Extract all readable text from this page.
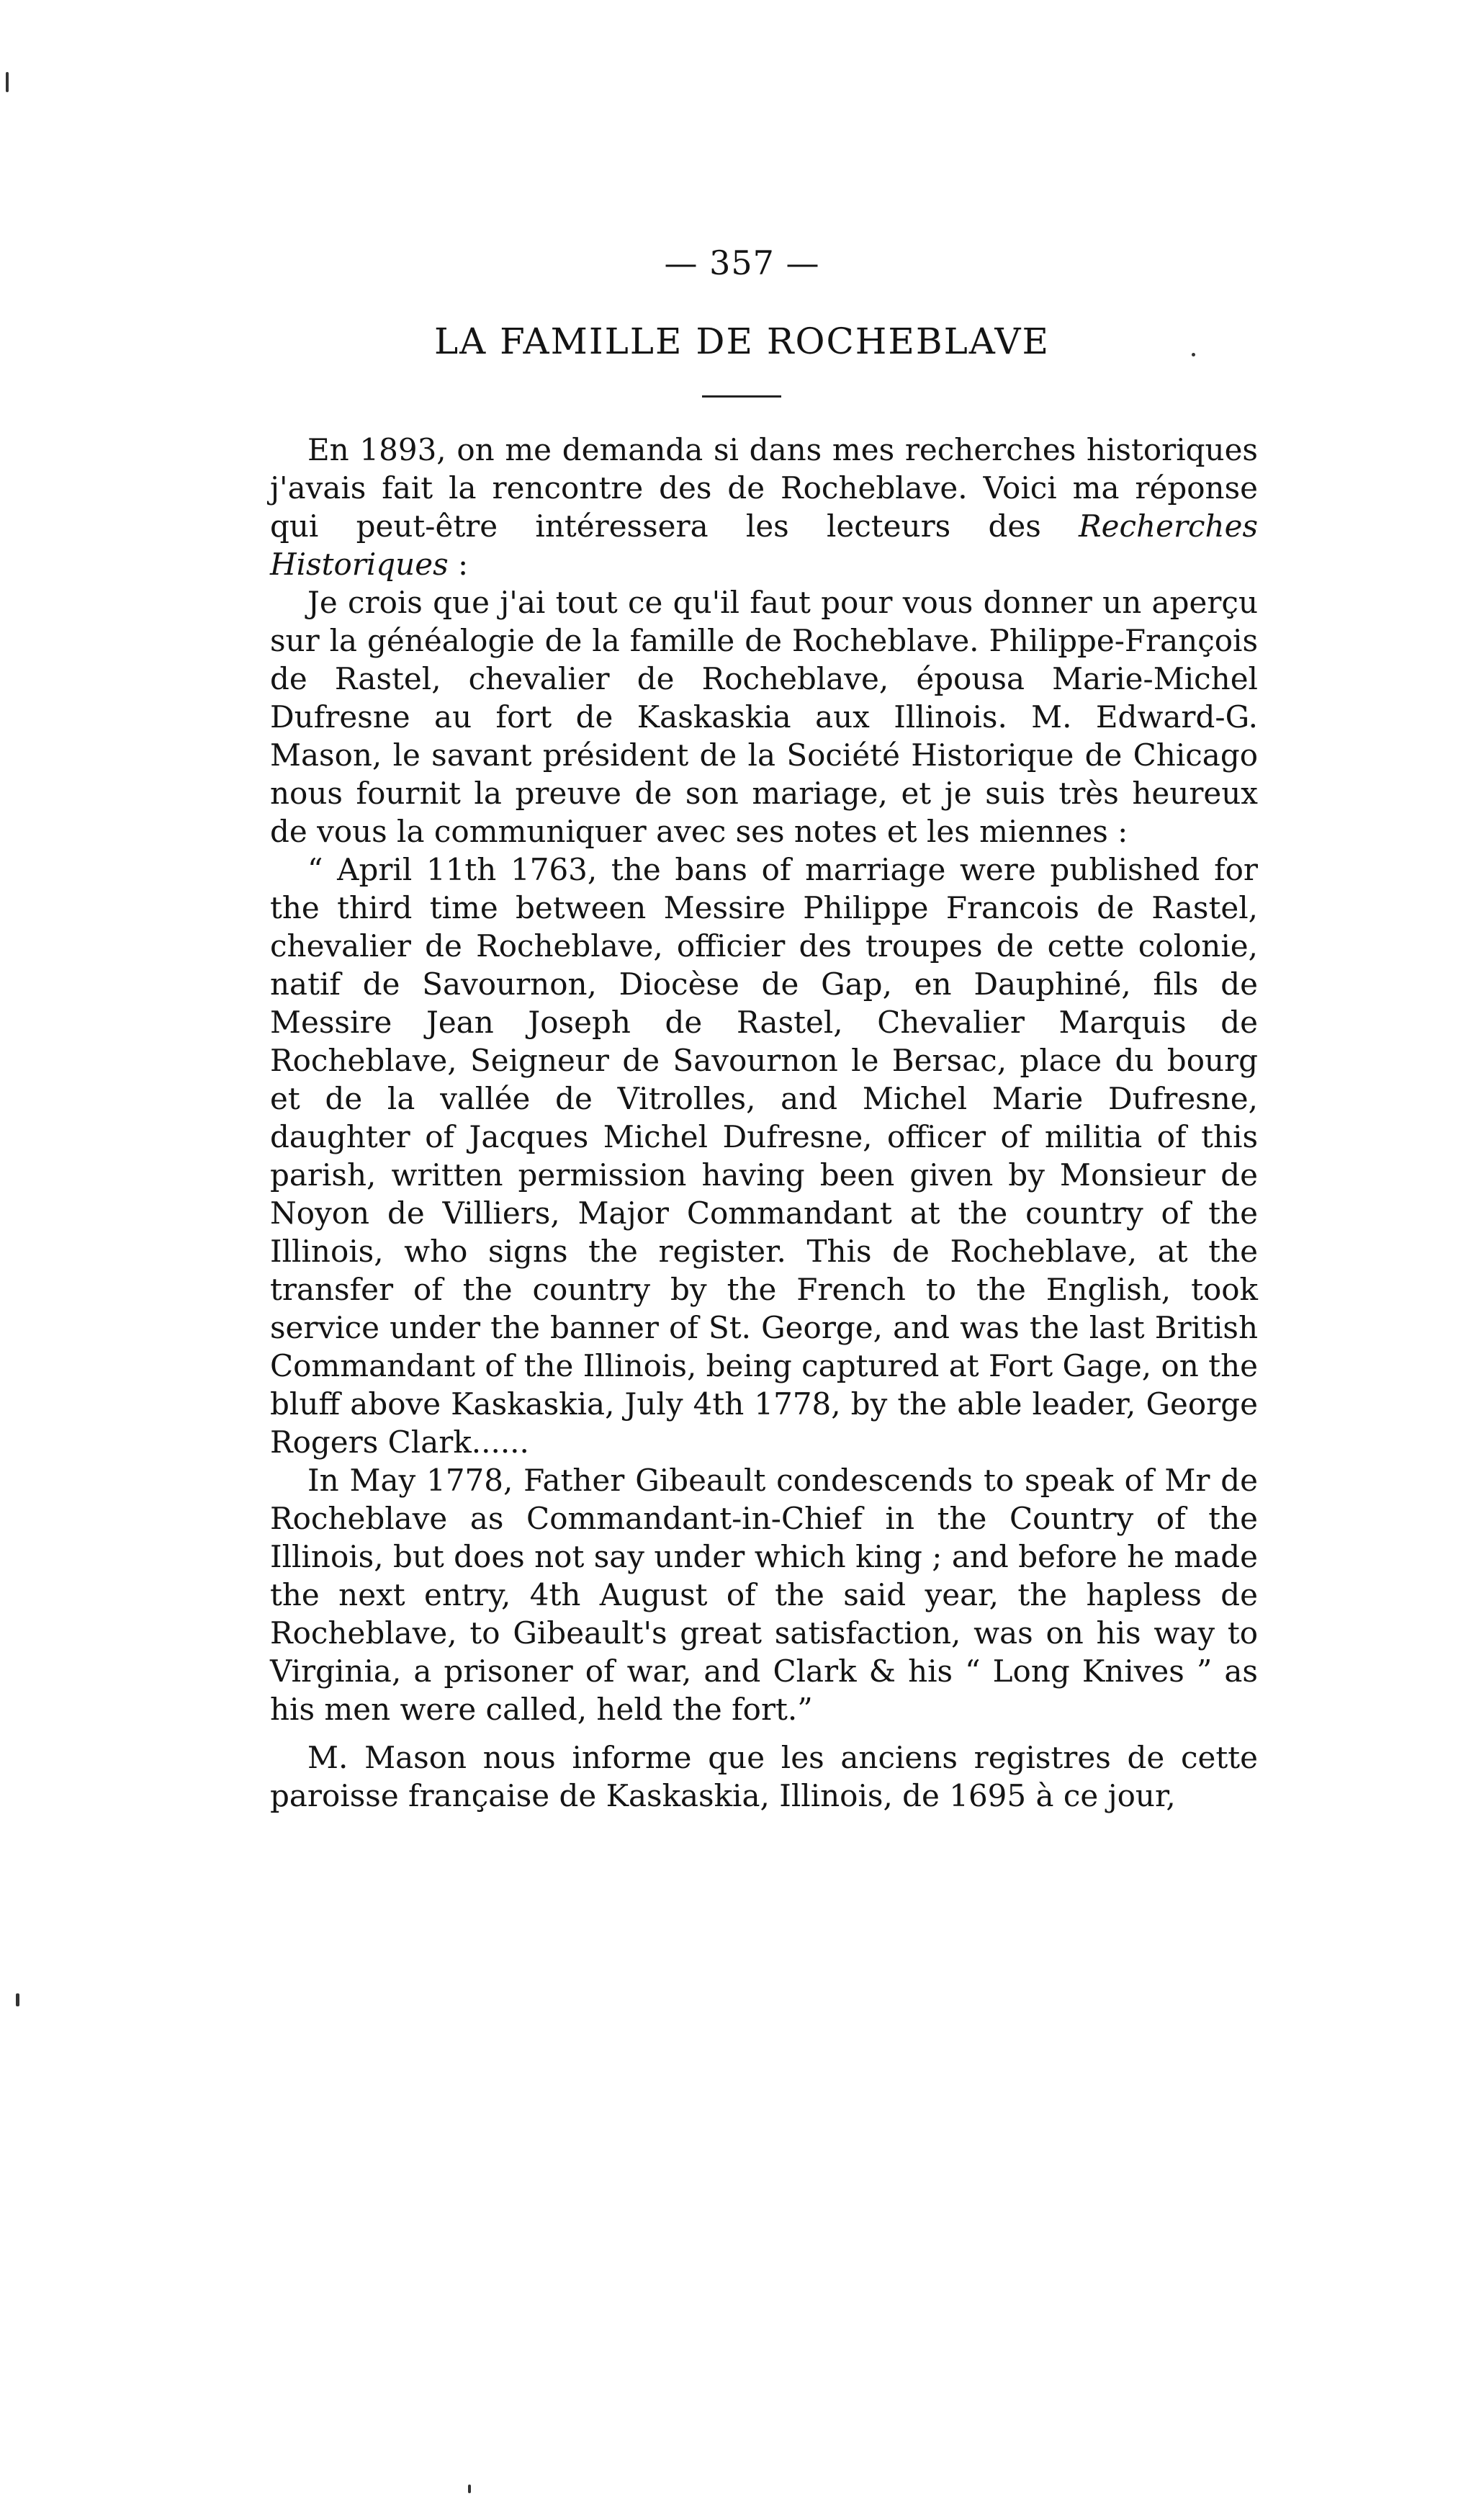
— 357 —
LA FAMILLE DE ROCHEBLAVE

En 1893, on me demanda si dans mes recherches historiques j'avais fait la rencontre des de Rocheblave. Voici ma réponse qui peut-être intéressera les lecteurs des Recherches Historiques :

Je crois que j'ai tout ce qu'il faut pour vous donner un aperçu sur la généalogie de la famille de Rocheblave. Philippe-François de Rastel, chevalier de Rocheblave, épousa Marie-Michel Dufresne au fort de Kaskaskia aux Illinois. M. Edward-G. Mason, le savant président de la Société Historique de Chicago nous fournit la preuve de son mariage, et je suis très heureux de vous la communiquer avec ses notes et les miennes :

“ April 11th 1763, the bans of marriage were published for the third time between Messire Philippe Francois de Rastel, chevalier de Rocheblave, officier des troupes de cette colonie, natif de Savournon, Diocèse de Gap, en Dauphiné, fils de Messire Jean Joseph de Rastel, Chevalier Marquis de Rocheblave, Seigneur de Savournon le Bersac, place du bourg et de la vallée de Vitrolles, and Michel Marie Dufresne, daughter of Jacques Michel Dufresne, officer of militia of this parish, written permission having been given by Monsieur de Noyon de Villiers, Major Commandant at the country of the Illinois, who signs the register. This de Rocheblave, at the transfer of the country by the French to the English, took service under the banner of St. George, and was the last British Commandant of the Illinois, being captured at Fort Gage, on the bluff above Kaskaskia, July 4th 1778, by the able leader, George Rogers Clark......

In May 1778, Father Gibeault condescends to speak of Mr de Rocheblave as Commandant-in-Chief in the Country of the Illinois, but does not say under which king ; and before he made the next entry, 4th August of the said year, the hapless de Rocheblave, to Gibeault's great satisfaction, was on his way to Virginia, a prisoner of war, and Clark & his “ Long Knives ” as his men were called, held the fort.”

M. Mason nous informe que les anciens registres de cette paroisse française de Kaskaskia, Illinois, de 1695 à ce jour,
